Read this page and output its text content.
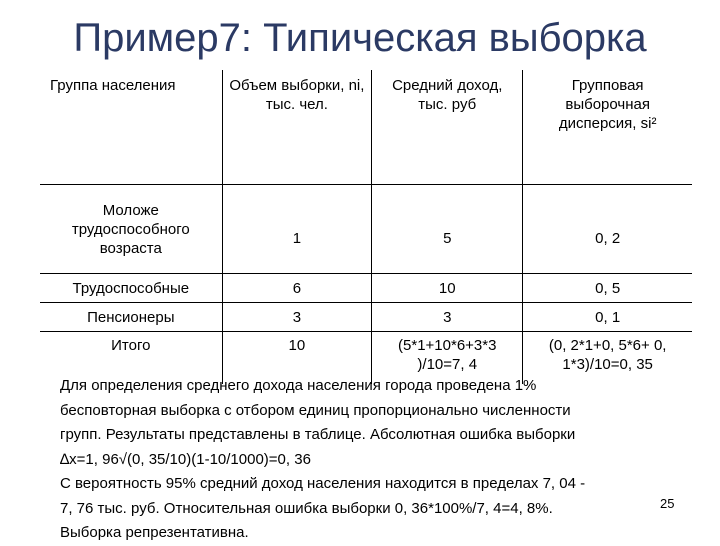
Пример7: Типическая выборка
Группа населения	Объем выборки, ni, тыс. чел.	Средний доход, тыс. руб	Групповая выборочная дисперсия, si²
Моложе трудоспособного возраста	1	5	0, 2
Трудоспособные	6	10	0, 5
Пенсионеры	3	3	0, 1
Итого	10	(5*1+10*6+3*3 )/10=7, 4	(0, 2*1+0, 5*6+ 0, 1*3)/10=0, 35

Для определения среднего дохода населения города проведена 1%

бесповторная выборка с отбором единиц пропорционально численности

групп. Результаты представлены в таблице. Абсолютная ошибка выборки

∆x=1, 96√(0, 35/10)(1-10/1000)=0, 36

С вероятность 95% средний доход населения находится в пределах 7, 04 -

7, 76 тыс. руб. Относительная ошибка выборки 0, 36*100%/7, 4=4, 8%.

Выборка репрезентативна.

25
